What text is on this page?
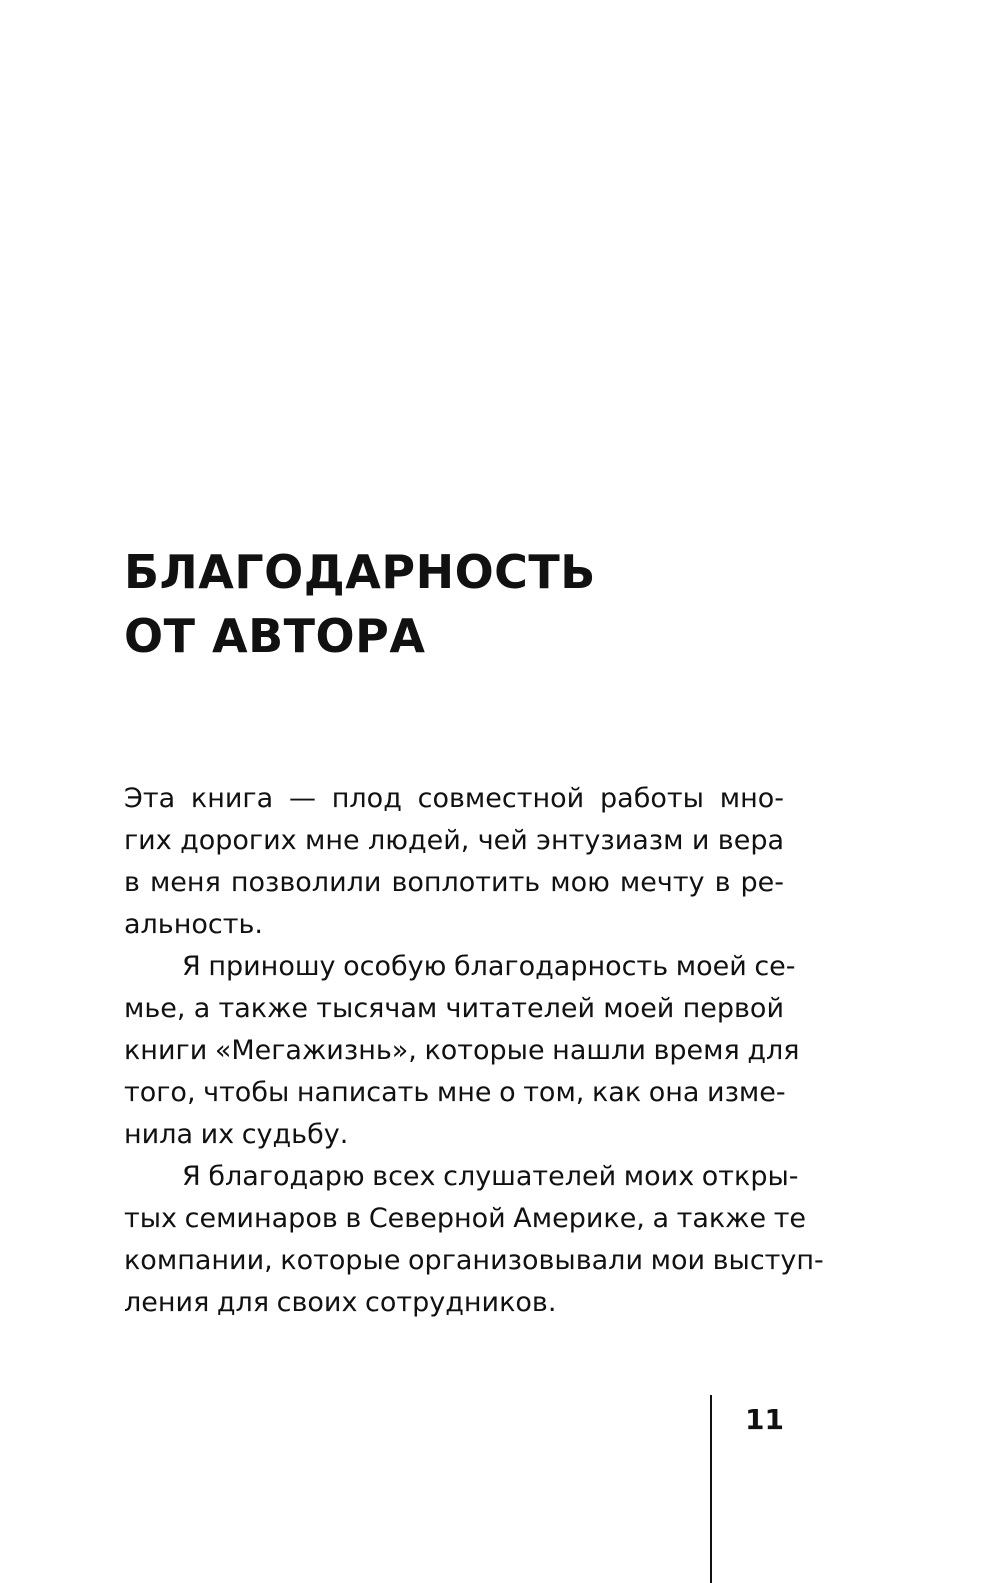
БЛАГОДАРНОСТЬ
ОТ АВТОРА
Эта книга — плод совместной работы мно-
гих дорогих мне людей, чей энтузиазм и вера
в меня позволили воплотить мою мечту в ре-
альность.
Я приношу особую благодарность моей се-
мье, а также тысячам читателей моей первой
книги «Мегажизнь», которые нашли время для
того, чтобы написать мне о том, как она изме-
нила их судьбу.
Я благодарю всех слушателей моих откры-
тых семинаров в Северной Америке, а также те
компании, которые организовывали мои выступ-
ления для своих сотрудников.
11
